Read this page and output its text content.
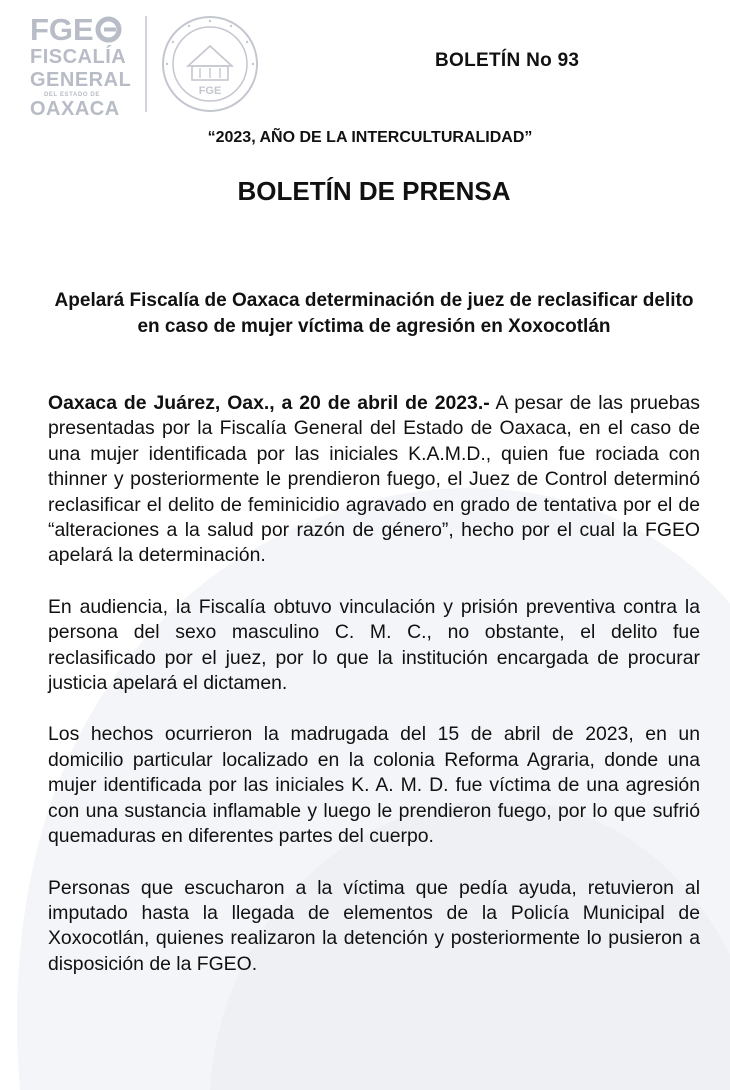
FGE
FISCALÍA
GENERAL
DEL ESTADO DE
OAXACA
FGE
BOLETÍN No 93
“2023, AÑO DE LA INTERCULTURALIDAD”
BOLETÍN DE PRENSA
Apelará Fiscalía de Oaxaca determinación de juez de reclasificar delito en caso de mujer víctima de agresión en Xoxocotlán

Oaxaca de Juárez, Oax., a 20 de abril de 2023.- A pesar de las pruebas presentadas por la Fiscalía General del Estado de Oaxaca, en el caso de una mujer identificada por las iniciales K.A.M.D., quien fue rociada con thinner y posteriormente le prendieron fuego, el Juez de Control determinó reclasificar el delito de feminicidio agravado en grado de tentativa por el de “alteraciones a la salud por razón de género”, hecho por el cual la FGEO apelará la determinación.

En audiencia, la Fiscalía obtuvo vinculación y prisión preventiva contra la persona del sexo masculino C. M. C., no obstante, el delito fue reclasificado por el juez, por lo que la institución encargada de procurar justicia apelará el dictamen.

Los hechos ocurrieron la madrugada del 15 de abril de 2023, en un domicilio particular localizado en la colonia Reforma Agraria, donde una mujer identificada por las iniciales K. A. M. D. fue víctima de una agresión con una sustancia inflamable y luego le prendieron fuego, por lo que sufrió quemaduras en diferentes partes del cuerpo.

Personas que escucharon a la víctima que pedía ayuda, retuvieron al imputado hasta la llegada de elementos de la Policía Municipal de Xoxocotlán, quienes realizaron la detención y posteriormente lo pusieron a disposición de la FGEO.
